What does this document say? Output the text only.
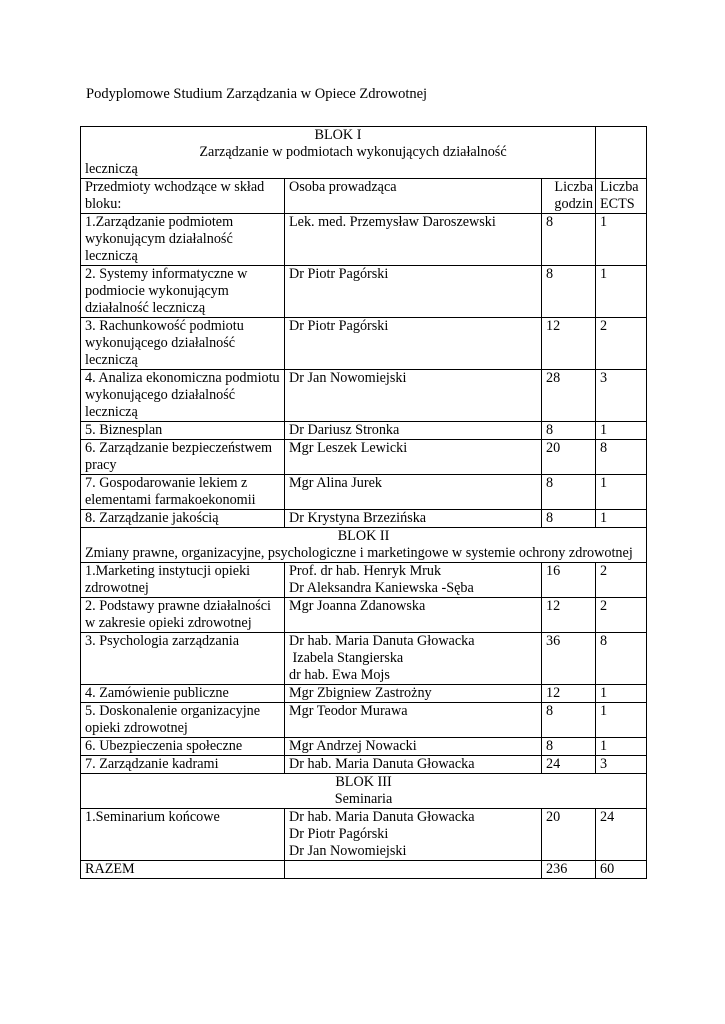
Podyplomowe Studium Zarządzania w Opiece Zdrowotnej
BLOK I
Zarządzanie w podmiotach wykonujących działalność
leczniczą			

Przedmioty wchodzące w skład bloku:	Osoba prowadząca	Liczba godzin	Liczba ECTS
1.Zarządzanie podmiotem wykonującym działalność leczniczą	Lek. med. Przemysław Daroszewski	8	1
2. Systemy informatyczne w podmiocie wykonującym działalność leczniczą	Dr Piotr Pagórski	8	1
3. Rachunkowość podmiotu wykonującego działalność leczniczą	Dr Piotr Pagórski	12	2
4. Analiza ekonomiczna podmiotu wykonującego działalność leczniczą	Dr Jan Nowomiejski	28	3
5. Biznesplan	Dr Dariusz Stronka	8	1
6. Zarządzanie bezpieczeństwem pracy	Mgr Leszek Lewicki	20	8
7. Gospodarowanie lekiem z elementami farmakoekonomii	Mgr Alina Jurek	8	1
8. Zarządzanie jakością	Dr Krystyna Brzezińska	8	1

BLOK II
Zmiany prawne, organizacyjne, psychologiczne i marketingowe w systemie ochrony zdrowotnej			

1.Marketing instytucji opieki zdrowotnej	Prof. dr hab. Henryk Mruk
Dr Aleksandra Kaniewska -Sęba	16	2
2. Podstawy prawne działalności w zakresie opieki zdrowotnej	Mgr Joanna Zdanowska	12	2
3. Psychologia zarządzania	Dr hab. Maria Danuta Głowacka
Izabela Stangierska
dr hab. Ewa Mojs	36	8
4. Zamówienie publiczne	Mgr Zbigniew Zastrożny	12	1
5. Doskonalenie organizacyjne opieki zdrowotnej	Mgr Teodor Murawa	8	1
6. Ubezpieczenia społeczne	Mgr Andrzej Nowacki	8	1
7. Zarządzanie kadrami	Dr hab. Maria Danuta Głowacka	24	3

BLOK III
Seminaria			

1.Seminarium końcowe	Dr hab. Maria Danuta Głowacka
Dr Piotr Pagórski
Dr Jan Nowomiejski	20	24
RAZEM		236	60
